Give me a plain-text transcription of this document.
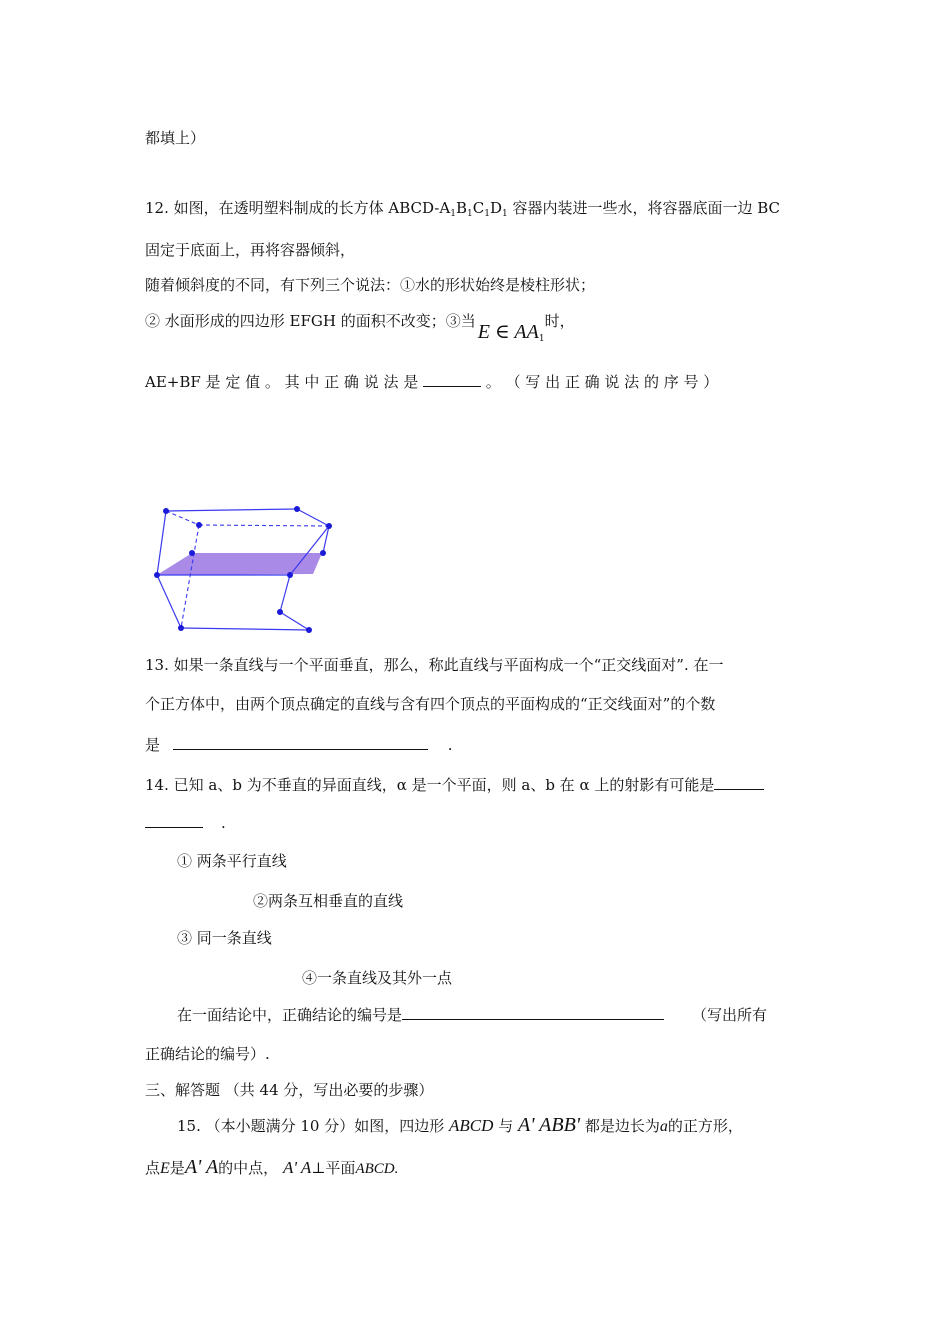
都填上）
12. 如图，在透明塑料制成的长方体 ABCD-$A_1B_1C_1D_1$ 容器内装进一些水，将容器底面一边 BC
固定于底面上，再将容器倾斜，
随着倾斜度的不同，有下列三个说法：①水的形状始终是棱柱形状；
② 水面形成的四边形 EFGH 的面积不改变；③当 E ∈ $AA_1$时，
AE+BF 是 定 值 。 其 中 正 确 说 法 是	。 （ 写 出 正 确 说 法 的 序 号 ）
13. 如果一条直线与一个平面垂直，那么，称此直线与平面构成一个“正交线面对”. 在一
个正方体中，由两个顶点确定的直线与含有四个顶点的平面构成的“正交线面对”的个数
是	.
14. 已知 a、b 为不垂直的异面直线，α 是一个平面，则 a、b 在 α 上的射影有可能是
.
① 两条平行直线
②两条互相垂直的直线
③ 同一条直线
④一条直线及其外一点
在一面结论中，正确结论的编号是	（写出所有
正确结论的编号）.
三、解答题 （共 44 分，写出必要的步骤）
15. （本小题满分 10 分）如图，四边形 ABCD 与 A' ABB' 都是边长为a的正方形，
点E是A' A的中点， A' A⊥平面ABCD.
